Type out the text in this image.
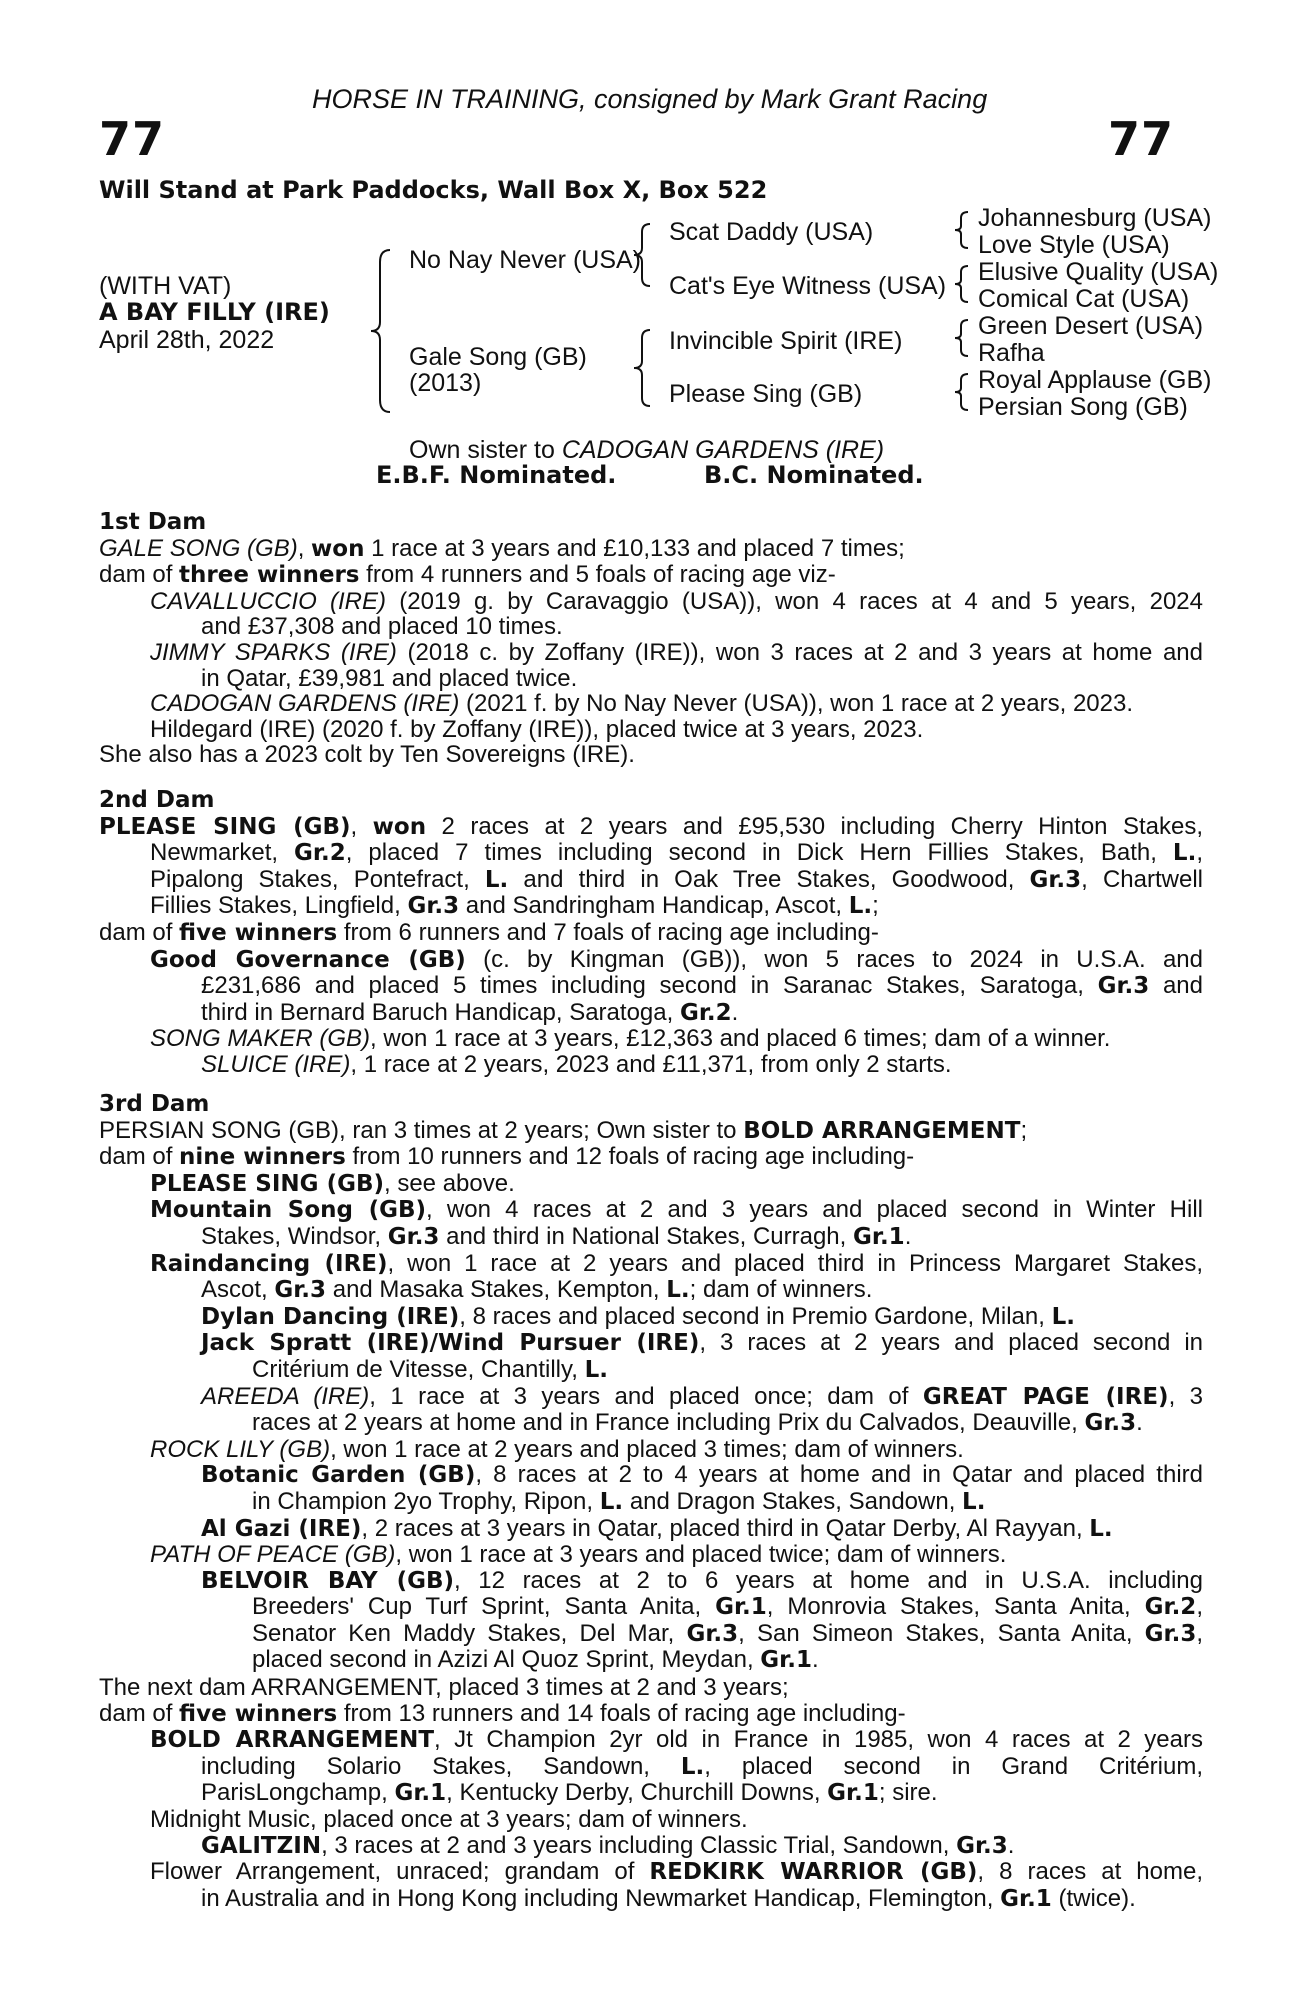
HORSE IN TRAINING, consigned by Mark Grant Racing
77	77
Will Stand at Park Paddocks, Wall Box X, Box 522
(WITH VAT)
A BAY FILLY (IRE)
April 28th, 2022
No Nay Never (USA)
Gale Song (GB)
(2013)
Scat Daddy (USA)
Cat's Eye Witness (USA)
Invincible Spirit (IRE)
Please Sing (GB)
Johannesburg (USA)
Love Style (USA)
Elusive Quality (USA)
Comical Cat (USA)
Green Desert (USA)
Rafha
Royal Applause (GB)
Persian Song (GB)
Own sister to CADOGAN GARDENS (IRE)
E.B.F. Nominated.	B.C. Nominated.
1st Dam
GALE SONG (GB), won 1 race at 3 years and £10,133 and placed 7 times;
dam of three winners from 4 runners and 5 foals of racing age viz-
CAVALLUCCIO (IRE) (2019 g. by Caravaggio (USA)), won 4 races at 4 and 5 years, 2024
and £37,308 and placed 10 times.
JIMMY SPARKS (IRE) (2018 c. by Zoffany (IRE)), won 3 races at 2 and 3 years at home and
in Qatar, £39,981 and placed twice.
CADOGAN GARDENS (IRE) (2021 f. by No Nay Never (USA)), won 1 race at 2 years, 2023.
Hildegard (IRE) (2020 f. by Zoffany (IRE)), placed twice at 3 years, 2023.
She also has a 2023 colt by Ten Sovereigns (IRE).
2nd Dam
PLEASE SING (GB), won 2 races at 2 years and £95,530 including Cherry Hinton Stakes,
Newmarket, Gr.2, placed 7 times including second in Dick Hern Fillies Stakes, Bath, L.,
Pipalong Stakes, Pontefract, L. and third in Oak Tree Stakes, Goodwood, Gr.3, Chartwell
Fillies Stakes, Lingfield, Gr.3 and Sandringham Handicap, Ascot, L.;
dam of five winners from 6 runners and 7 foals of racing age including-
Good Governance (GB) (c. by Kingman (GB)), won 5 races to 2024 in U.S.A. and
£231,686 and placed 5 times including second in Saranac Stakes, Saratoga, Gr.3 and
third in Bernard Baruch Handicap, Saratoga, Gr.2.
SONG MAKER (GB), won 1 race at 3 years, £12,363 and placed 6 times; dam of a winner.
SLUICE (IRE), 1 race at 2 years, 2023 and £11,371, from only 2 starts.
3rd Dam
PERSIAN SONG (GB), ran 3 times at 2 years; Own sister to BOLD ARRANGEMENT;
dam of nine winners from 10 runners and 12 foals of racing age including-
PLEASE SING (GB), see above.
Mountain Song (GB), won 4 races at 2 and 3 years and placed second in Winter Hill
Stakes, Windsor, Gr.3 and third in National Stakes, Curragh, Gr.1.
Raindancing (IRE), won 1 race at 2 years and placed third in Princess Margaret Stakes,
Ascot, Gr.3 and Masaka Stakes, Kempton, L.; dam of winners.
Dylan Dancing (IRE), 8 races and placed second in Premio Gardone, Milan, L.
Jack Spratt (IRE)/Wind Pursuer (IRE), 3 races at 2 years and placed second in
Critérium de Vitesse, Chantilly, L.
AREEDA (IRE), 1 race at 3 years and placed once; dam of GREAT PAGE (IRE), 3
races at 2 years at home and in France including Prix du Calvados, Deauville, Gr.3.
ROCK LILY (GB), won 1 race at 2 years and placed 3 times; dam of winners.
Botanic Garden (GB), 8 races at 2 to 4 years at home and in Qatar and placed third
in Champion 2yo Trophy, Ripon, L. and Dragon Stakes, Sandown, L.
Al Gazi (IRE), 2 races at 3 years in Qatar, placed third in Qatar Derby, Al Rayyan, L.
PATH OF PEACE (GB), won 1 race at 3 years and placed twice; dam of winners.
BELVOIR BAY (GB), 12 races at 2 to 6 years at home and in U.S.A. including
Breeders' Cup Turf Sprint, Santa Anita, Gr.1, Monrovia Stakes, Santa Anita, Gr.2,
Senator Ken Maddy Stakes, Del Mar, Gr.3, San Simeon Stakes, Santa Anita, Gr.3,
placed second in Azizi Al Quoz Sprint, Meydan, Gr.1.
The next dam ARRANGEMENT, placed 3 times at 2 and 3 years;
dam of five winners from 13 runners and 14 foals of racing age including-
BOLD ARRANGEMENT, Jt Champion 2yr old in France in 1985, won 4 races at 2 years
including Solario Stakes, Sandown, L., placed second in Grand Critérium,
ParisLongchamp, Gr.1, Kentucky Derby, Churchill Downs, Gr.1; sire.
Midnight Music, placed once at 3 years; dam of winners.
GALITZIN, 3 races at 2 and 3 years including Classic Trial, Sandown, Gr.3.
Flower Arrangement, unraced; grandam of REDKIRK WARRIOR (GB), 8 races at home,
in Australia and in Hong Kong including Newmarket Handicap, Flemington, Gr.1 (twice).
